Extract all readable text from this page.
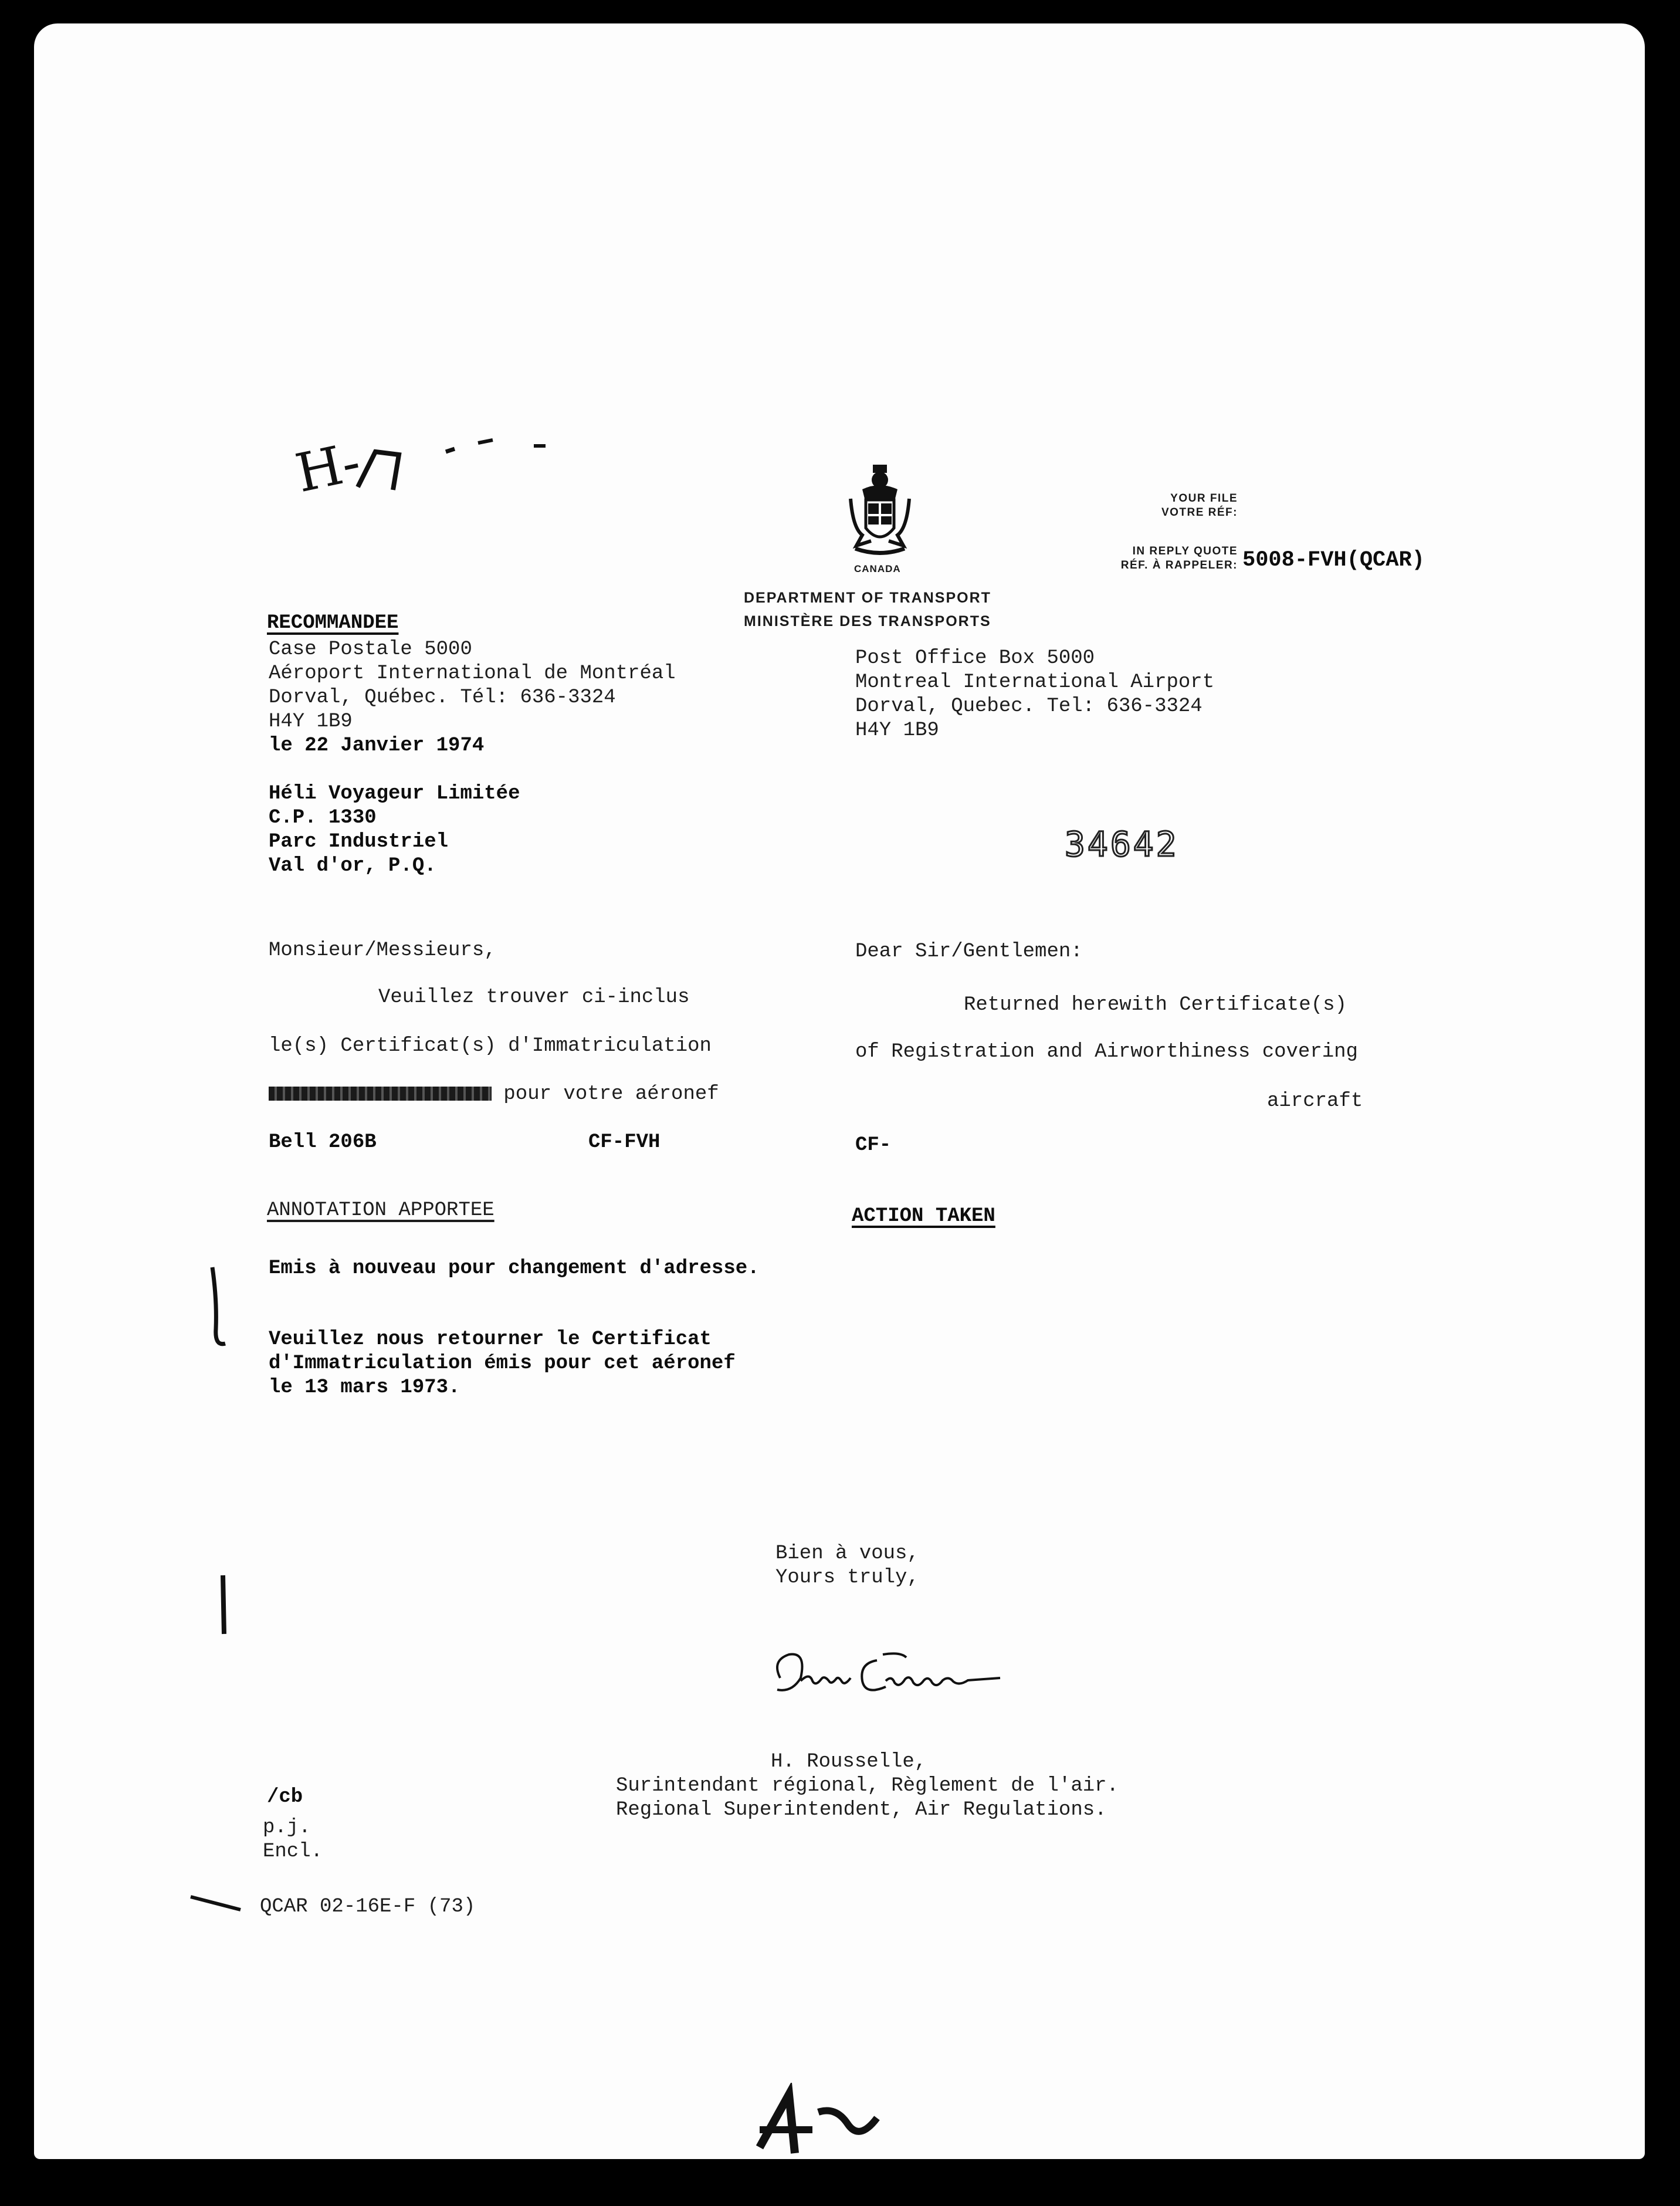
H-
CANADA
DEPARTMENT OF TRANSPORT
MINISTÈRE DES TRANSPORTS
YOUR FILE
VOTRE RÉF:
IN REPLY QUOTE
RÉF. À RAPPELER: 5008-FVH(QCAR)
RECOMMANDEE
Case Postale 5000
Aéroport International de Montréal
Dorval, Québec. Tél: 636-3324
H4Y 1B9
le 22 Janvier 1974
Post Office Box 5000
Montreal International Airport
Dorval, Quebec. Tel: 636-3324
H4Y 1B9
Héli Voyageur Limitée
C.P. 1330
Parc Industriel
Val d'or, P.Q.
34642
Monsieur/Messieurs,	Dear Sir/Gentlemen:
Veuillez trouver ci-inclus
le(s) Certificat(s) d'Immatriculation
pour votre aéronef
Returned herewith Certificate(s)
of Registration and Airworthiness covering
aircraft
Bell 206B	CF-FVH	CF-
ANNOTATION APPORTEE	ACTION TAKEN
Emis à nouveau pour changement d'adresse.
Veuillez nous retourner le Certificat
d'Immatriculation émis pour cet aéronef
le 13 mars 1973.
Bien à vous,
Yours truly,
H. Rousselle,
Surintendant régional, Règlement de l'air.
Regional Superintendent, Air Regulations.
/cb
p.j.
Encl.
QCAR 02-16E-F (73)
